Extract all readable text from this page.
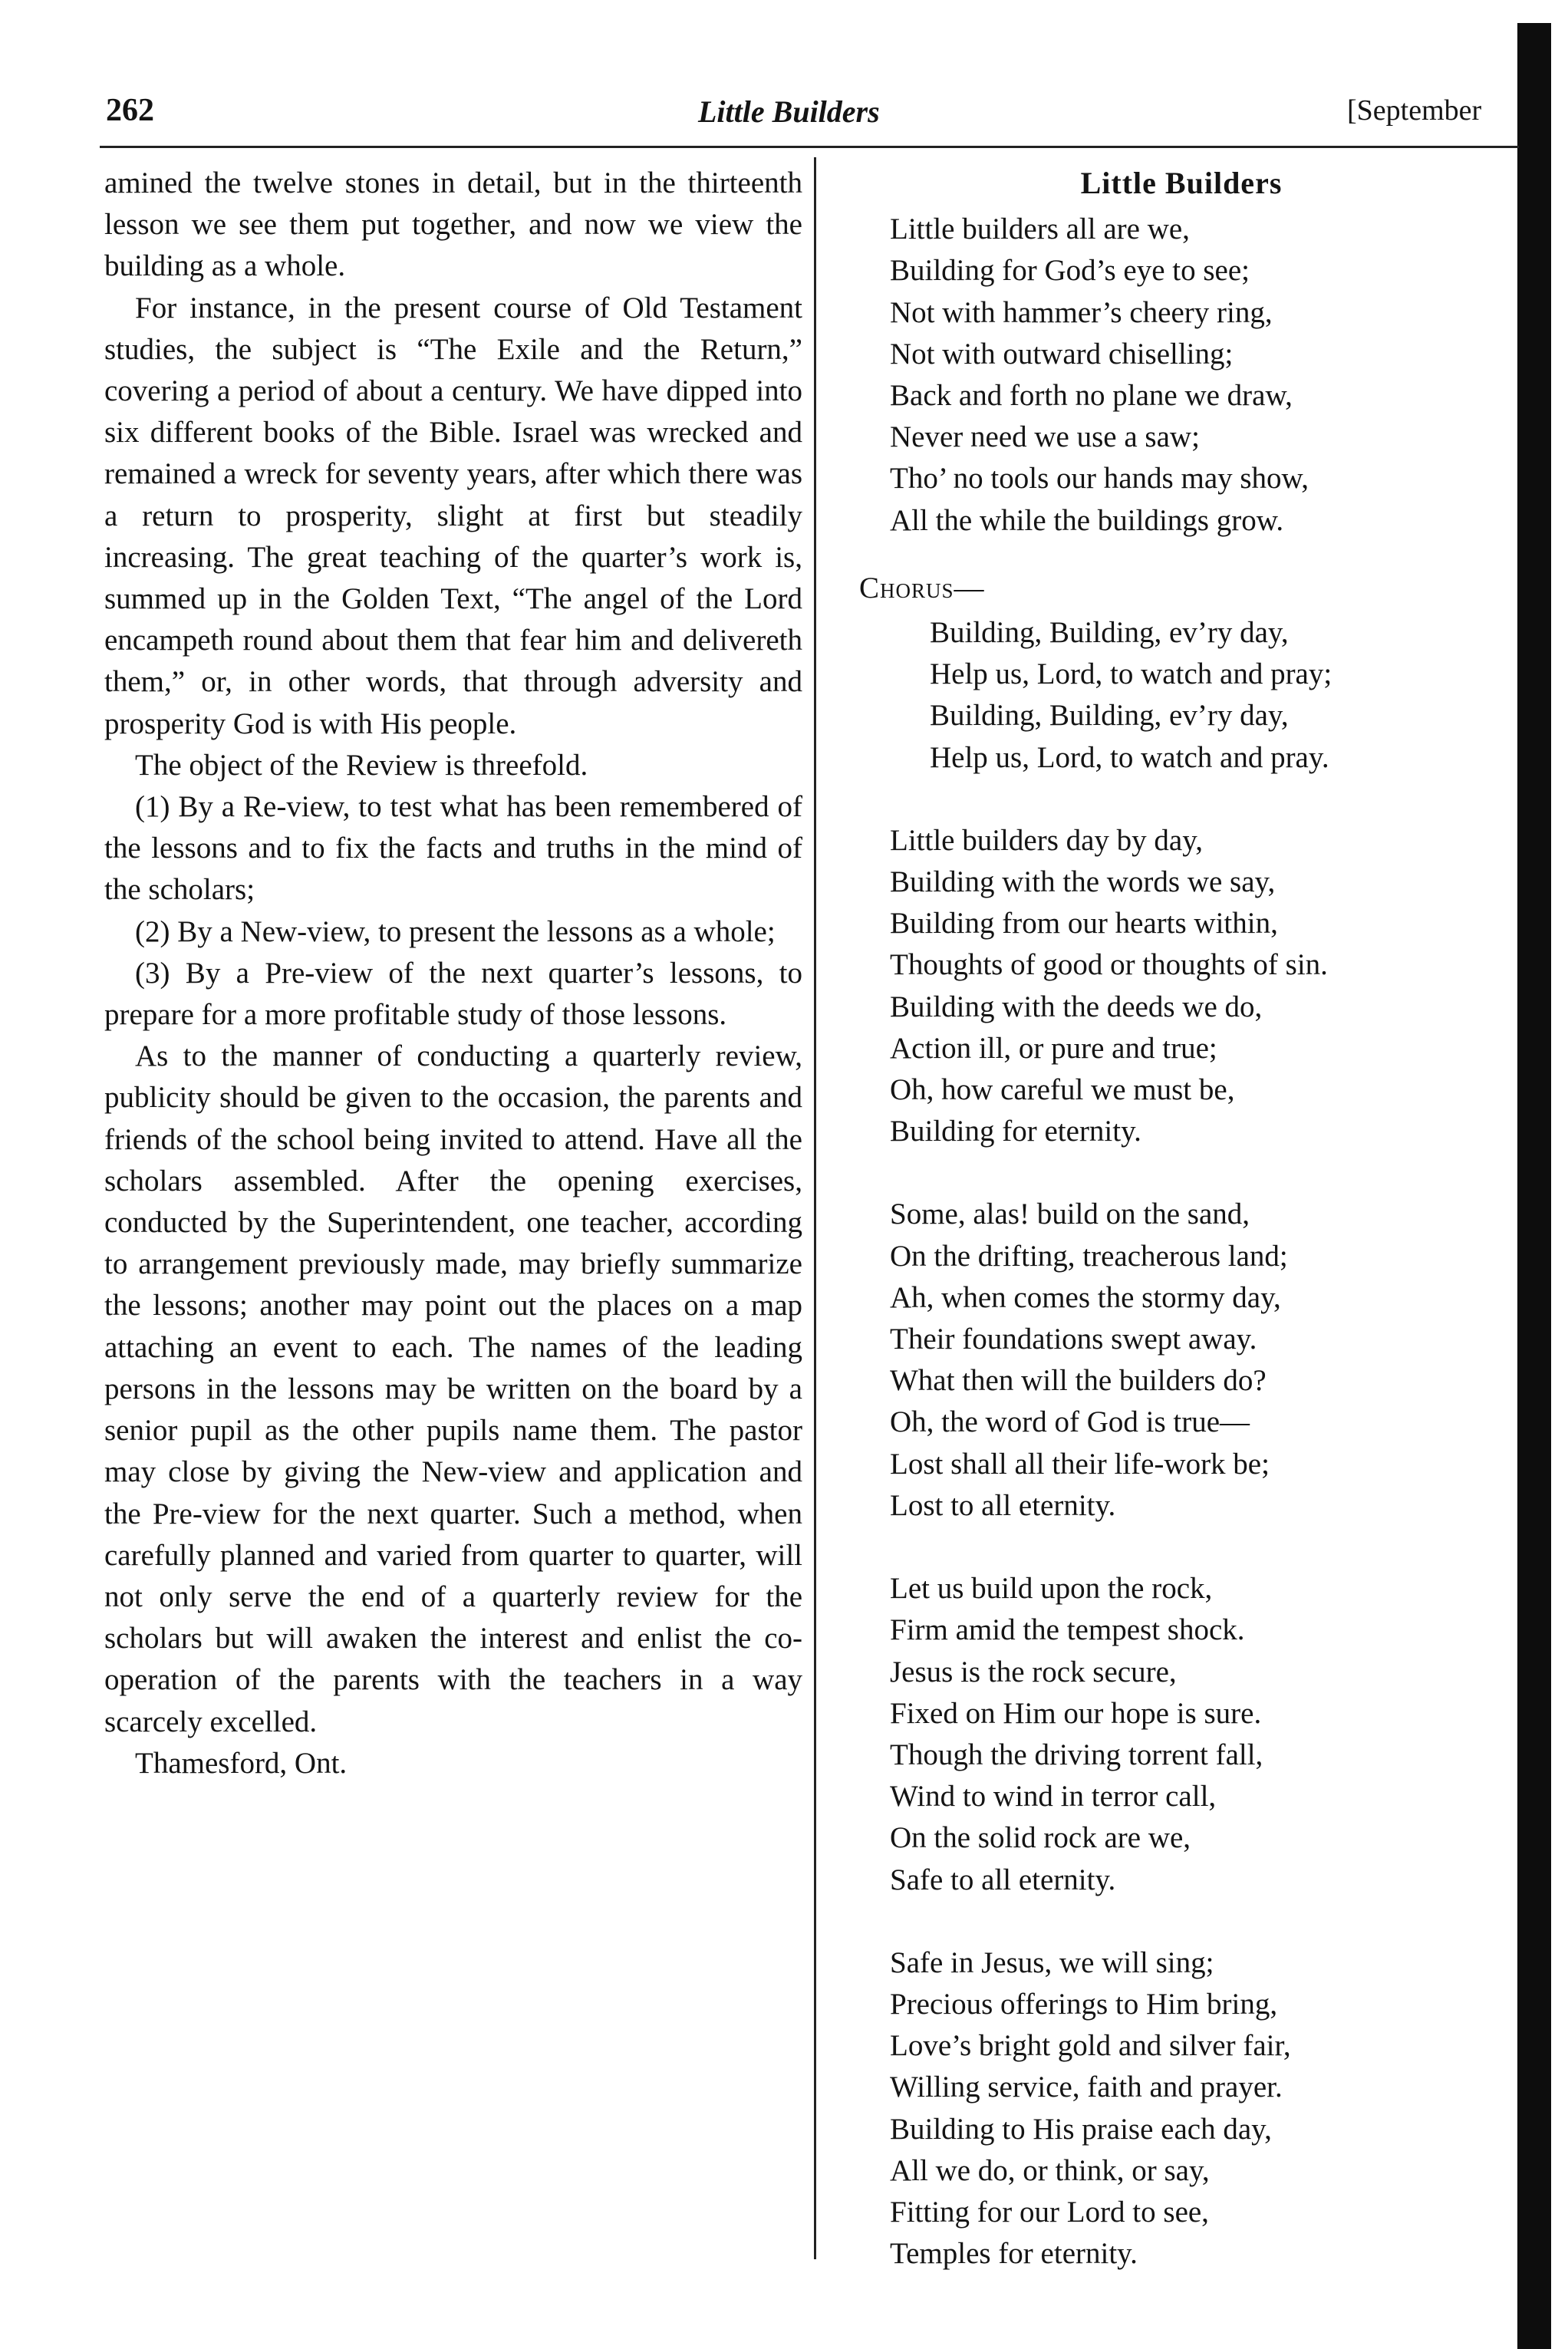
262	Little Builders	[September

amined the twelve stones in detail, but in the thirteenth lesson we see them put together, and now we view the building as a whole.

For instance, in the present course of Old Testament studies, the subject is “The Exile and the Return,” covering a period of about a century. We have dipped into six different books of the Bible. Israel was wrecked and remained a wreck for seventy years, after which there was a return to prosperity, slight at first but steadily increasing. The great teaching of the quarter’s work is, summed up in the Golden Text, “The angel of the Lord encampeth round about them that fear him and delivereth them,” or, in other words, that through adversity and prosperity God is with His people.

The object of the Review is threefold.

(1) By a Re-view, to test what has been remembered of the lessons and to fix the facts and truths in the mind of the scholars;

(2) By a New-view, to present the lessons as a whole;

(3) By a Pre-view of the next quarter’s lessons, to prepare for a more profitable study of those lessons.

As to the manner of conducting a quarterly review, publicity should be given to the occasion, the parents and friends of the school being invited to attend. Have all the scholars assembled. After the opening exercises, conducted by the Superintendent, one teacher, according to arrangement previously made, may briefly summarize the lessons; another may point out the places on a map attaching an event to each. The names of the leading persons in the lessons may be written on the board by a senior pupil as the other pupils name them. The pastor may close by giving the New-view and application and the Pre-view for the next quarter. Such a method, when carefully planned and varied from quarter to quarter, will not only serve the end of a quarterly review for the scholars but will awaken the interest and enlist the co-operation of the parents with the teachers in a way scarcely excelled.

Thamesford, Ont.

Little Builders

Little builders all are we,
Building for God’s eye to see;
Not with hammer’s cheery ring,
Not with outward chiselling;
Back and forth no plane we draw,
Never need we use a saw;
Tho’ no tools our hands may show,
All the while the buildings grow.
Chorus—
Building, Building, ev’ry day,
Help us, Lord, to watch and pray;
Building, Building, ev’ry day,
Help us, Lord, to watch and pray.
Little builders day by day,
Building with the words we say,
Building from our hearts within,
Thoughts of good or thoughts of sin.
Building with the deeds we do,
Action ill, or pure and true;
Oh, how careful we must be,
Building for eternity.
Some, alas! build on the sand,
On the drifting, treacherous land;
Ah, when comes the stormy day,
Their foundations swept away.
What then will the builders do?
Oh, the word of God is true—
Lost shall all their life-work be;
Lost to all eternity.
Let us build upon the rock,
Firm amid the tempest shock.
Jesus is the rock secure,
Fixed on Him our hope is sure.
Though the driving torrent fall,
Wind to wind in terror call,
On the solid rock are we,
Safe to all eternity.
Safe in Jesus, we will sing;
Precious offerings to Him bring,
Love’s bright gold and silver fair,
Willing service, faith and prayer.
Building to His praise each day,
All we do, or think, or say,
Fitting for our Lord to see,
Temples for eternity.
